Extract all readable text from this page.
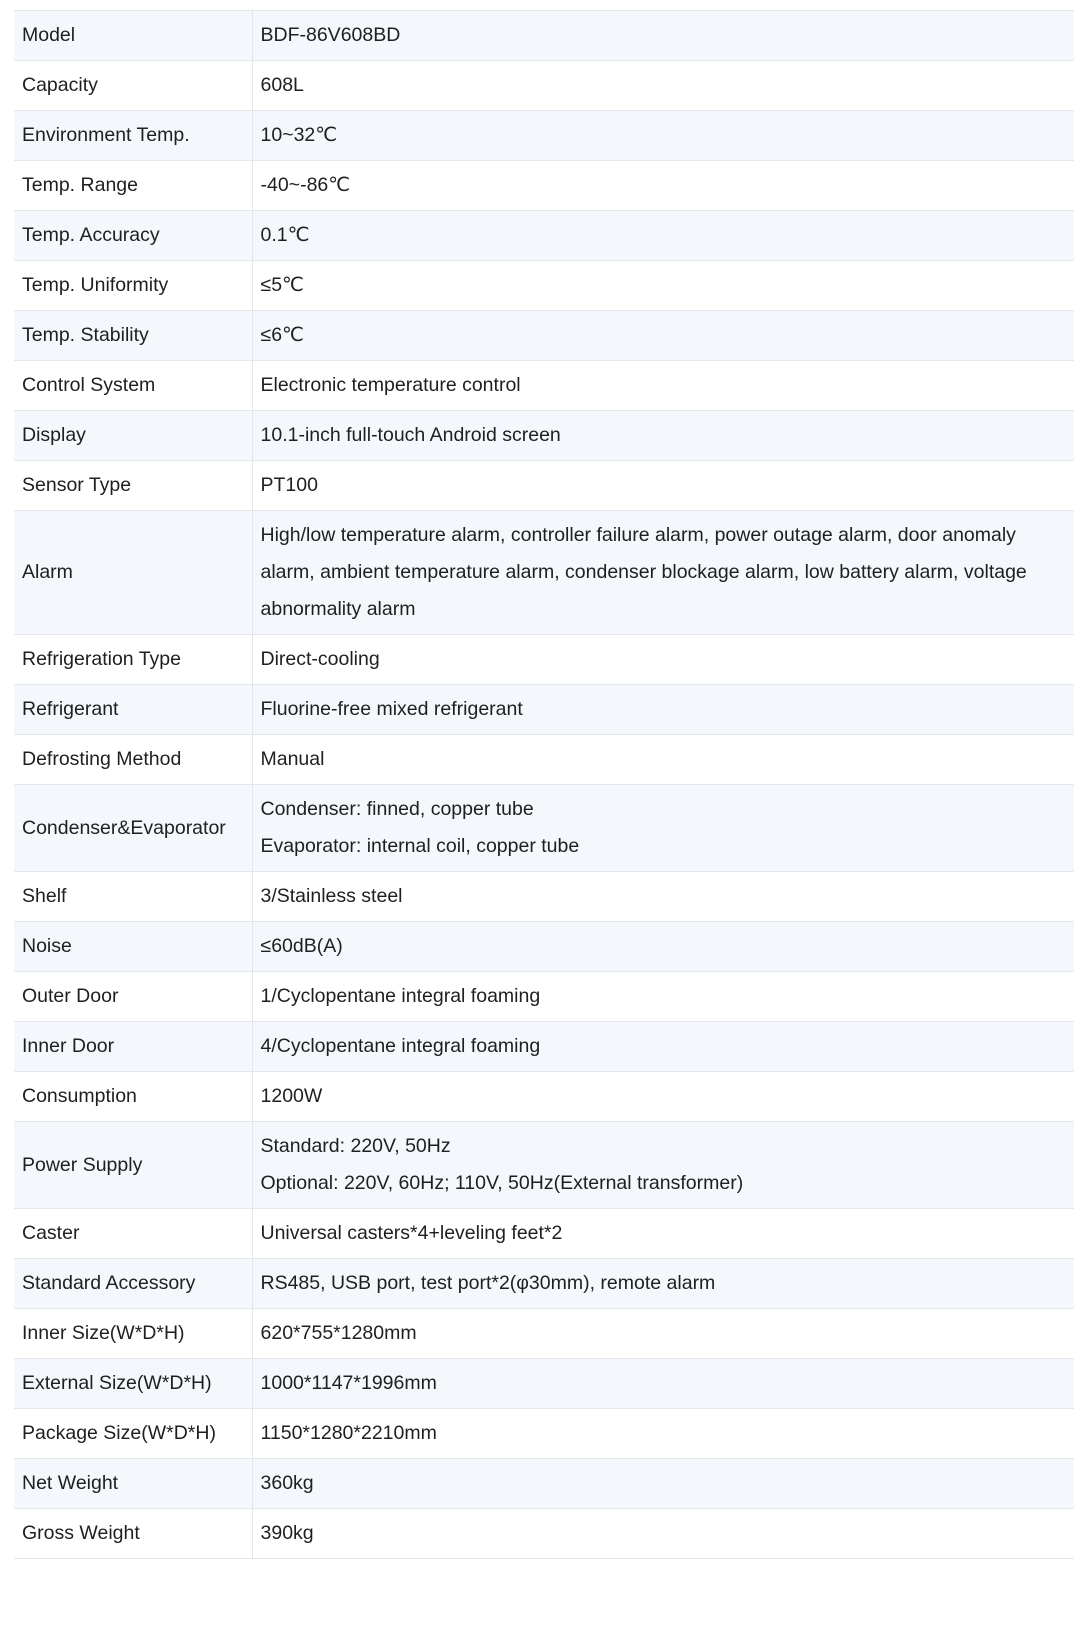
Model	BDF-86V608BD

Capacity	608L

Environment Temp.	10~32℃

Temp. Range	-40~-86℃

Temp. Accuracy	0.1℃

Temp. Uniformity	≤5℃

Temp. Stability	≤6℃

Control System	Electronic temperature control

Display	10.1-inch full-touch Android screen

Sensor Type	PT100

Alarm	High/low temperature alarm, controller failure alarm, power outage alarm, door anomaly alarm, ambient temperature alarm, condenser blockage alarm, low battery alarm, voltage abnormality alarm

Refrigeration Type	Direct-cooling

Refrigerant	Fluorine-free mixed refrigerant

Defrosting Method	Manual

Condenser&Evaporator	Condenser: finned, copper tube
Evaporator: internal coil, copper tube

Shelf	3/Stainless steel

Noise	≤60dB(A)

Outer Door	1/Cyclopentane integral foaming

Inner Door	4/Cyclopentane integral foaming

Consumption	1200W

Power Supply	Standard: 220V, 50Hz
Optional: 220V, 60Hz; 110V, 50Hz(External transformer)

Caster	Universal casters*4+leveling feet*2

Standard Accessory	RS485, USB port, test port*2(φ30mm), remote alarm

Inner Size(W*D*H)	620*755*1280mm

External Size(W*D*H)	1000*1147*1996mm

Package Size(W*D*H)	1150*1280*2210mm

Net Weight	360kg

Gross Weight	390kg
